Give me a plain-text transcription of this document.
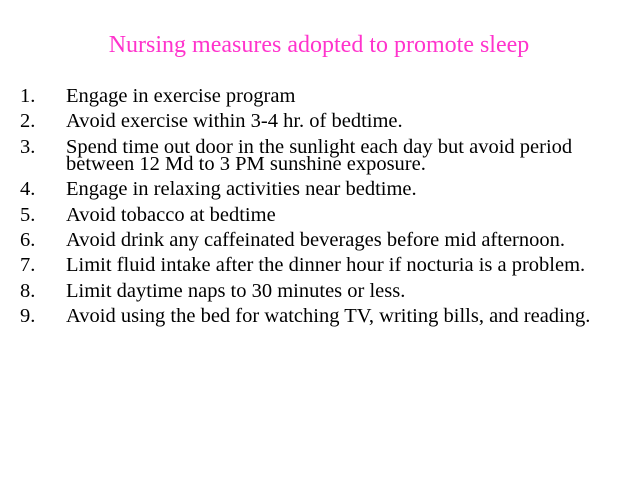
Nursing measures adopted to promote sleep
1.	Engage in exercise program
2.	Avoid exercise within 3-4 hr. of bedtime.
3.	Spend time out door in the sunlight each day but avoid period between 12 Md to 3 PM sunshine exposure.
4.	Engage in relaxing activities near bedtime.
5.	Avoid tobacco at bedtime
6.	Avoid drink any caffeinated beverages before mid afternoon.
7.	Limit fluid intake after the dinner hour if nocturia is a problem.
8.	Limit daytime naps to 30 minutes or less.
9.	Avoid using the bed for watching TV, writing bills, and reading.
